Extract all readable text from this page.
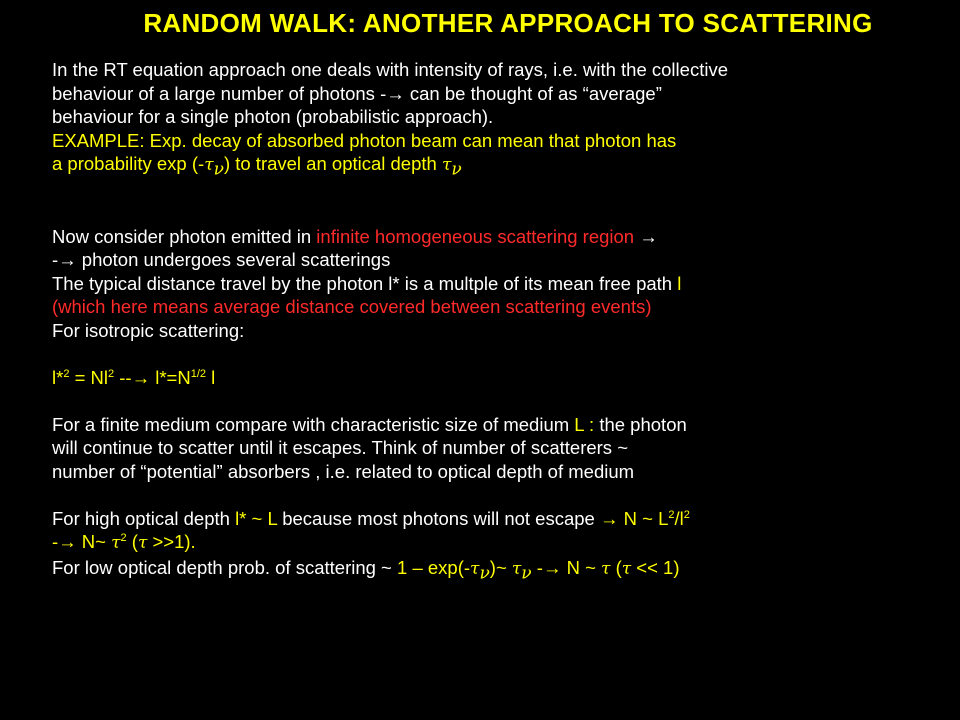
RANDOM WALK: ANOTHER APPROACH TO SCATTERING
In the RT equation approach one deals with intensity of rays, i.e. with the collective
behaviour of a large number of photons -→ can be thought of as “average”
behaviour for a single photon (probabilistic approach).
EXAMPLE: Exp. decay of absorbed photon beam can mean that photon has
a probability $\exp (-\tau_\nu)$ to travel an optical depth $\tau_\nu$
Now consider photon emitted in infinite homogeneous scattering region →
-→ photon undergoes several scatterings
The typical distance travel by the photon l* is a multple of its mean free path l
(which here means average distance covered between scattering events)
For isotropic scattering:
$l*^2 = Nl^2$ --→ $l*=N^{1/2}$ l
For a finite medium compare with characteristic size of medium L : the photon
will continue to scatter until it escapes. Think of number of scatterers ~
number of “potential” absorbers , i.e. related to optical depth of medium
For high optical depth l* ~ L because most photons will not escape → N ~ $L^2/l^2$
-→ N~ $\tau^2$ (τ >>1).
For low optical depth prob. of scattering ~ $1 - \exp(-\tau_\nu)\sim$ $\tau_\nu -\to N$ ~ τ (τ << 1)
